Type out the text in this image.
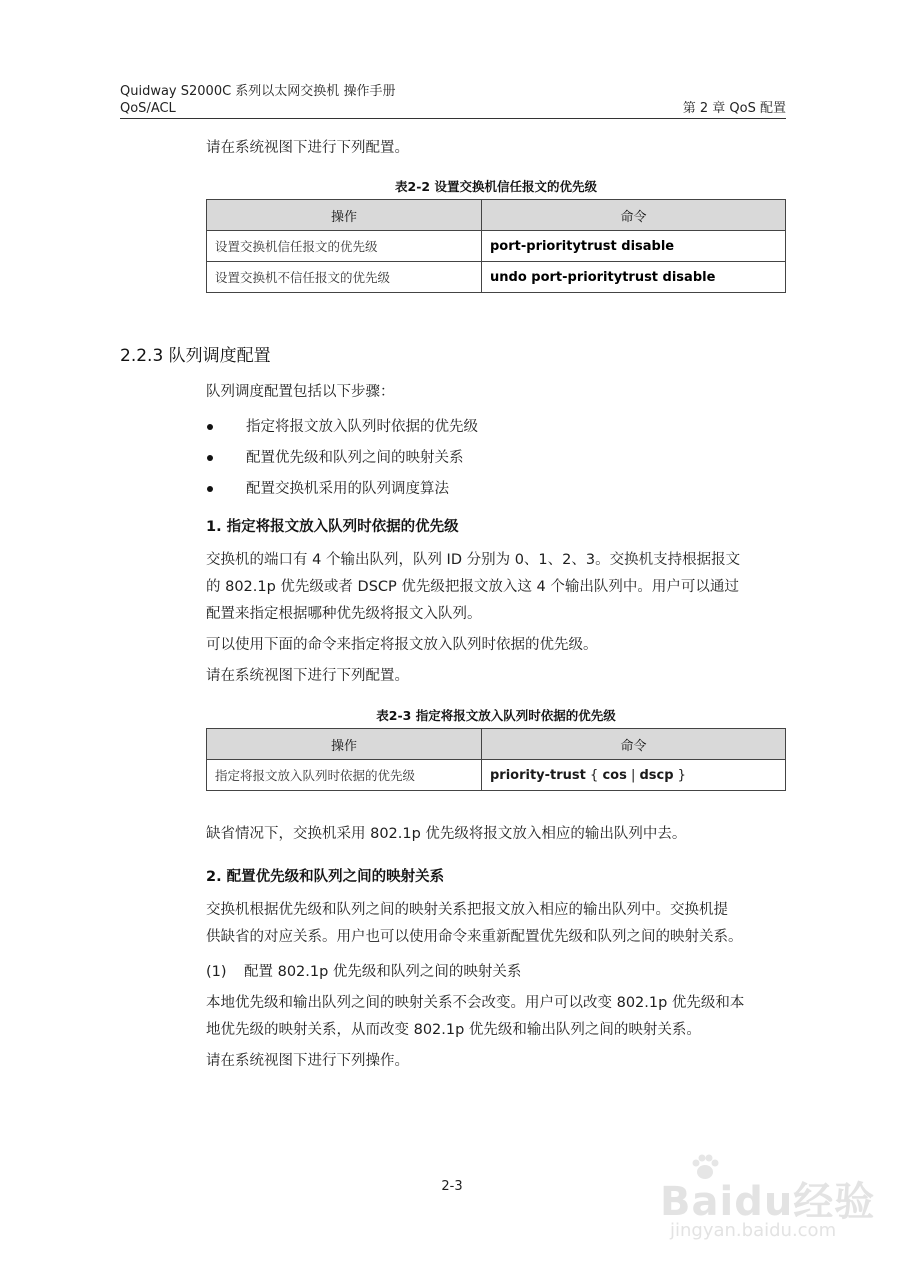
Quidway S2000C 系列以太网交换机 操作手册
QoS/ACL	第 2 章 QoS 配置
请在系统视图下进行下列配置。
表2-2 设置交换机信任报文的优先级
操作	命令
设置交换机信任报文的优先级	port-prioritytrust disable
设置交换机不信任报文的优先级	undo port-prioritytrust disable
2.2.3 队列调度配置
队列调度配置包括以下步骤：
指定将报文放入队列时依据的优先级
配置优先级和队列之间的映射关系
配置交换机采用的队列调度算法
1. 指定将报文放入队列时依据的优先级
交换机的端口有 4 个输出队列，队列 ID 分别为 0、1、2、3。交换机支持根据报文
的 802.1p 优先级或者 DSCP 优先级把报文放入这 4 个输出队列中。用户可以通过
配置来指定根据哪种优先级将报文入队列。
可以使用下面的命令来指定将报文放入队列时依据的优先级。
请在系统视图下进行下列配置。
表2-3 指定将报文放入队列时依据的优先级
操作	命令
指定将报文放入队列时依据的优先级	priority-trust { cos | dscp }
缺省情况下，交换机采用 802.1p 优先级将报文放入相应的输出队列中去。
2. 配置优先级和队列之间的映射关系
交换机根据优先级和队列之间的映射关系把报文放入相应的输出队列中。交换机提
供缺省的对应关系。用户也可以使用命令来重新配置优先级和队列之间的映射关系。
(1) 配置 802.1p 优先级和队列之间的映射关系
本地优先级和输出队列之间的映射关系不会改变。用户可以改变 802.1p 优先级和本
地优先级的映射关系，从而改变 802.1p 优先级和输出队列之间的映射关系。
请在系统视图下进行下列操作。
2-3	Baidu经验
jingyan.baidu.com
